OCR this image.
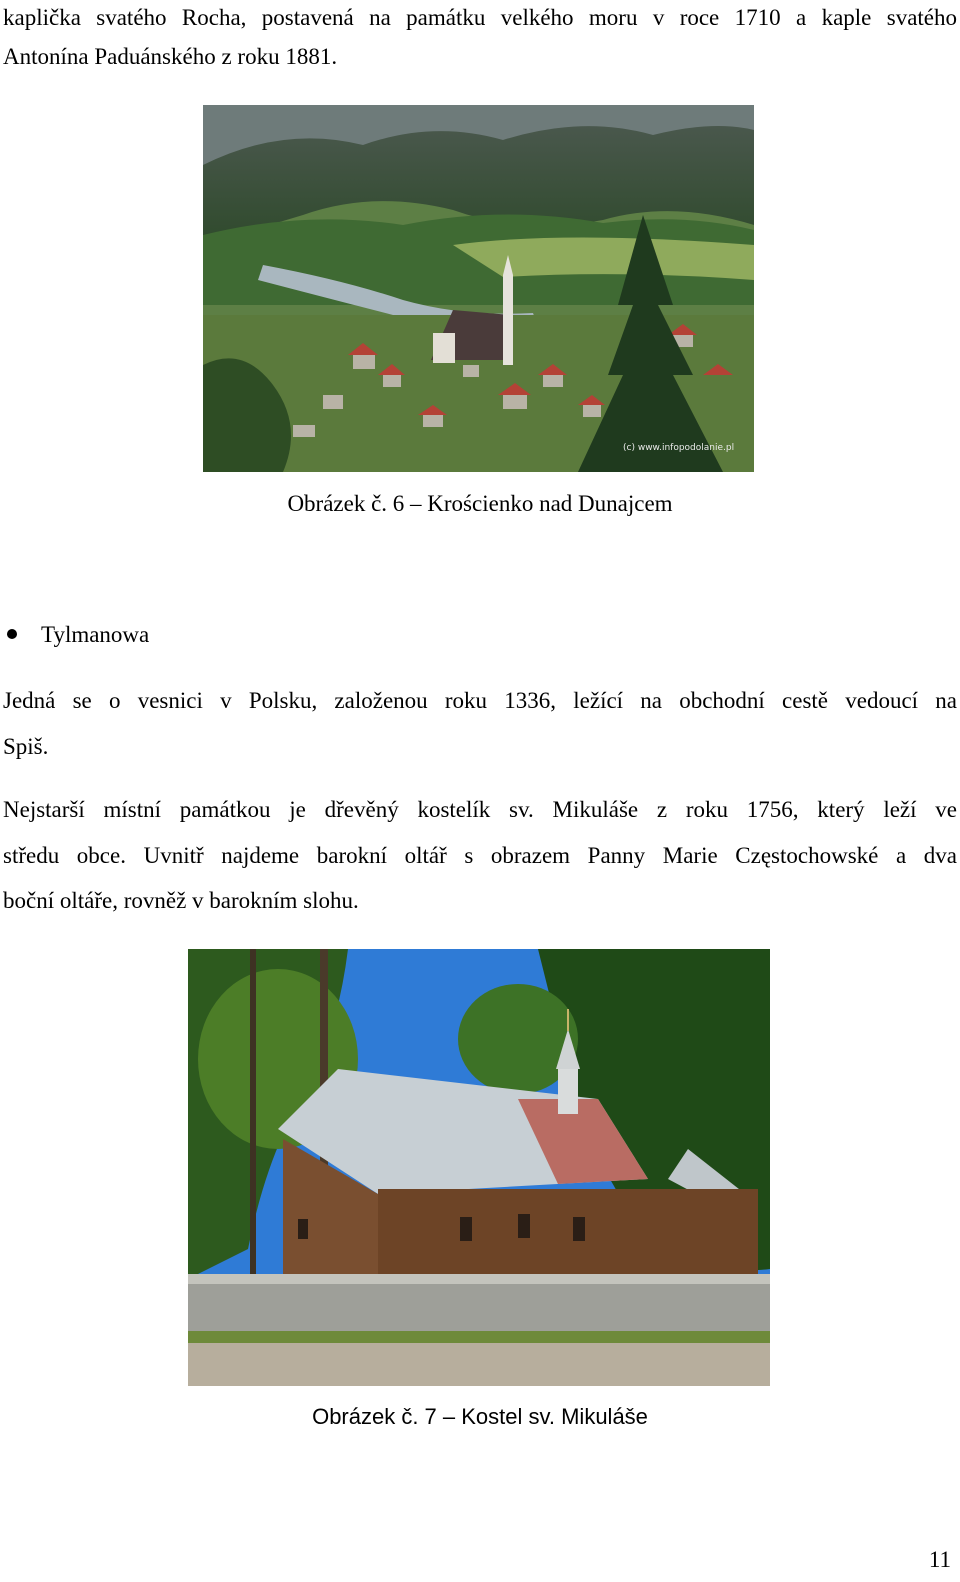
kaplička svatého Rocha, postavená na památku velkého moru v roce 1710 a kaple svatého
Antonína Paduánského z roku 1881.
(c) www.infopodolanie.pl
Obrázek č. 6 – Krościenko nad Dunajcem
Tylmanowa
Jedná se o vesnici v Polsku, založenou roku 1336, ležící na obchodní cestě vedoucí na
Spiš.
Nejstarší místní památkou je dřevěný kostelík sv. Mikuláše z roku 1756, který leží ve
středu obce. Uvnitř najdeme barokní oltář s obrazem Panny Marie Częstochowské a dva
boční oltáře, rovněž v barokním slohu.
Obrázek č. 7 – Kostel sv. Mikuláše
11
